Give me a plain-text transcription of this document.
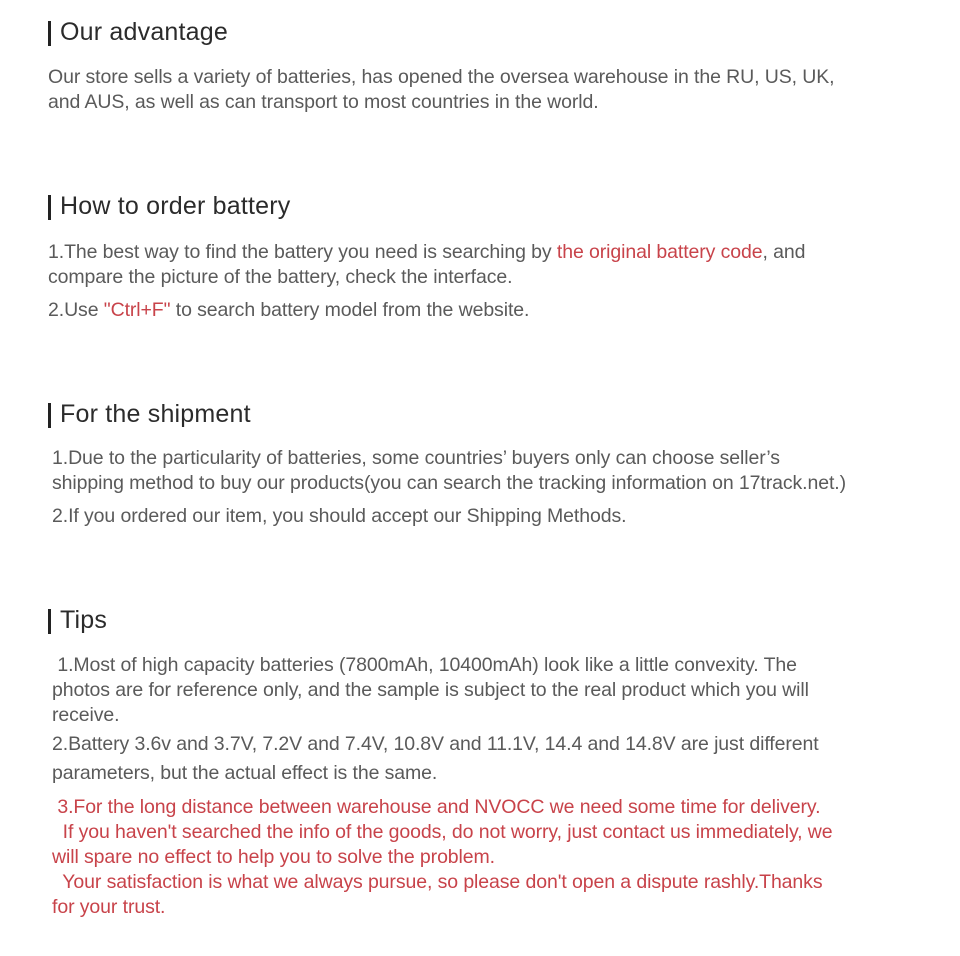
Our advantage
Our store sells a variety of batteries, has opened the oversea warehouse in the RU, US, UK,
and AUS, as well as can transport to most countries in the world.
How to order battery
1.The best way to find the battery you need is searching by the original battery code, and
compare the picture of the battery, check the interface.
2.Use "Ctrl+F" to search battery model from the website.
For the shipment
1.Due to the particularity of batteries, some countries’ buyers only can choose seller’s
shipping method to buy our products(you can search the tracking information on 17track.net.)
2.If you ordered our item, you should accept our Shipping Methods.
Tips
1.Most of high capacity batteries (7800mAh, 10400mAh) look like a little convexity. The
photos are for reference only, and the sample is subject to the real product which you will
receive.
2.Battery 3.6v and 3.7V, 7.2V and 7.4V, 10.8V and 11.1V, 14.4 and 14.8V are just different
parameters, but the actual effect is the same.
3.For the long distance between warehouse and NVOCC we need some time for delivery.
If you haven't searched the info of the goods, do not worry, just contact us immediately, we
will spare no effect to help you to solve the problem.
Your satisfaction is what we always pursue, so please don't open a dispute rashly.Thanks
for your trust.
